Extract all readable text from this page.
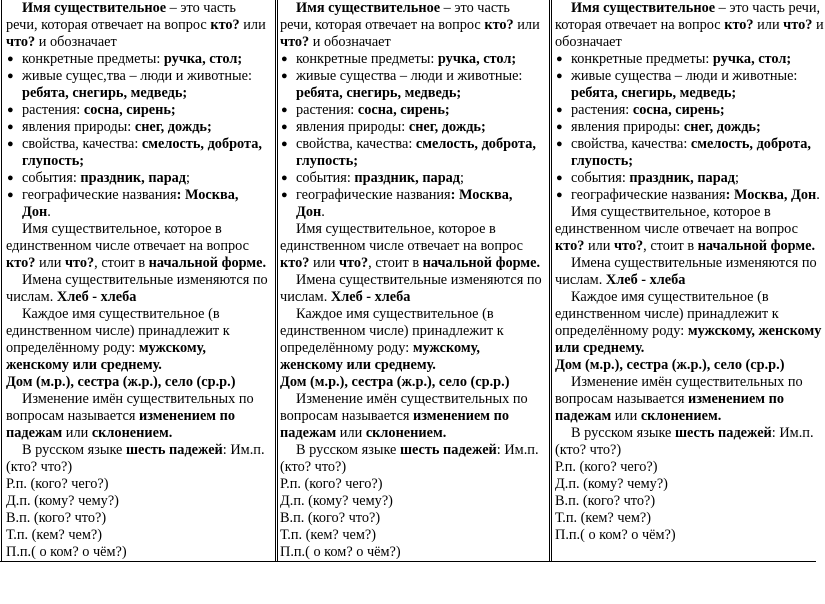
Имя существительное – это часть речи, которая отвечает на вопрос кто? или что? и обозначает

● конкретные предметы: ручка, стол;

● живые сущес,тва – люди и животные: ребята, снегирь, медведь;

● растения: сосна, сирень;

● явления природы: снег, дождь;

● свойства, качества: смелость, доброта, глупость;

● события: праздник, парад;

● географические названия: Москва, Дон.

Имя существительное, которое в единственном числе отвечает на вопрос кто? или что?, стоит в начальной форме.

Имена существительные изменяются по числам. Хлеб - хлеба

Каждое имя существительное (в единственном числе) принадлежит к определённому роду: мужскому, женскому или среднему.

Дом (м.р.), сестра (ж.р.), село (ср.р.)

Изменение имён существительных по вопросам называется изменением по падежам или склонением.

В русском языке шесть падежей: Им.п. (кто? что?)

Р.п. (кого? чего?)

Д.п. (кому? чему?)

В.п. (кого? что?)

Т.п. (кем? чем?)

П.п.( о ком? о чём?)

Имя существительное – это часть речи, которая отвечает на вопрос кто? или что? и обозначает

● конкретные предметы: ручка, стол;

● живые существа – люди и животные: ребята, снегирь, медведь;

● растения: сосна, сирень;

● явления природы: снег, дождь;

● свойства, качества: смелость, доброта, глупость;

● события: праздник, парад;

● географические названия: Москва, Дон.

Имя существительное, которое в единственном числе отвечает на вопрос кто? или что?, стоит в начальной форме.

Имена существительные изменяются по числам. Хлеб - хлеба

Каждое имя существительное (в единственном числе) принадлежит к определённому роду: мужскому, женскому или среднему.

Дом (м.р.), сестра (ж.р.), село (ср.р.)

Изменение имён существительных по вопросам называется изменением по падежам или склонением.

В русском языке шесть падежей: Им.п. (кто? что?)

Р.п. (кого? чего?)

Д.п. (кому? чему?)

В.п. (кого? что?)

Т.п. (кем? чем?)

П.п.( о ком? о чём?)

Имя существительное – это часть речи, которая отвечает на вопрос кто? или что? и обозначает

● конкретные предметы: ручка, стол;

● живые существа – люди и животные: ребята, снегирь, медведь;

● растения: сосна, сирень;

● явления природы: снег, дождь;

● свойства, качества: смелость, доброта, глупость;

● события: праздник, парад;

● географические названия: Москва, Дон.

Имя существительное, которое в единственном числе отвечает на вопрос кто? или что?, стоит в начальной форме.

Имена существительные изменяются по числам. Хлеб - хлеба

Каждое имя существительное (в единственном числе) принадлежит к определённому роду: мужскому, женскому или среднему.

Дом (м.р.), сестра (ж.р.), село (ср.р.)

Изменение имён существительных по вопросам называется изменением по падежам или склонением.

В русском языке шесть падежей: Им.п. (кто? что?)

Р.п. (кого? чего?)

Д.п. (кому? чему?)

В.п. (кого? что?)

Т.п. (кем? чем?)

П.п.( о ком? о чём?)
